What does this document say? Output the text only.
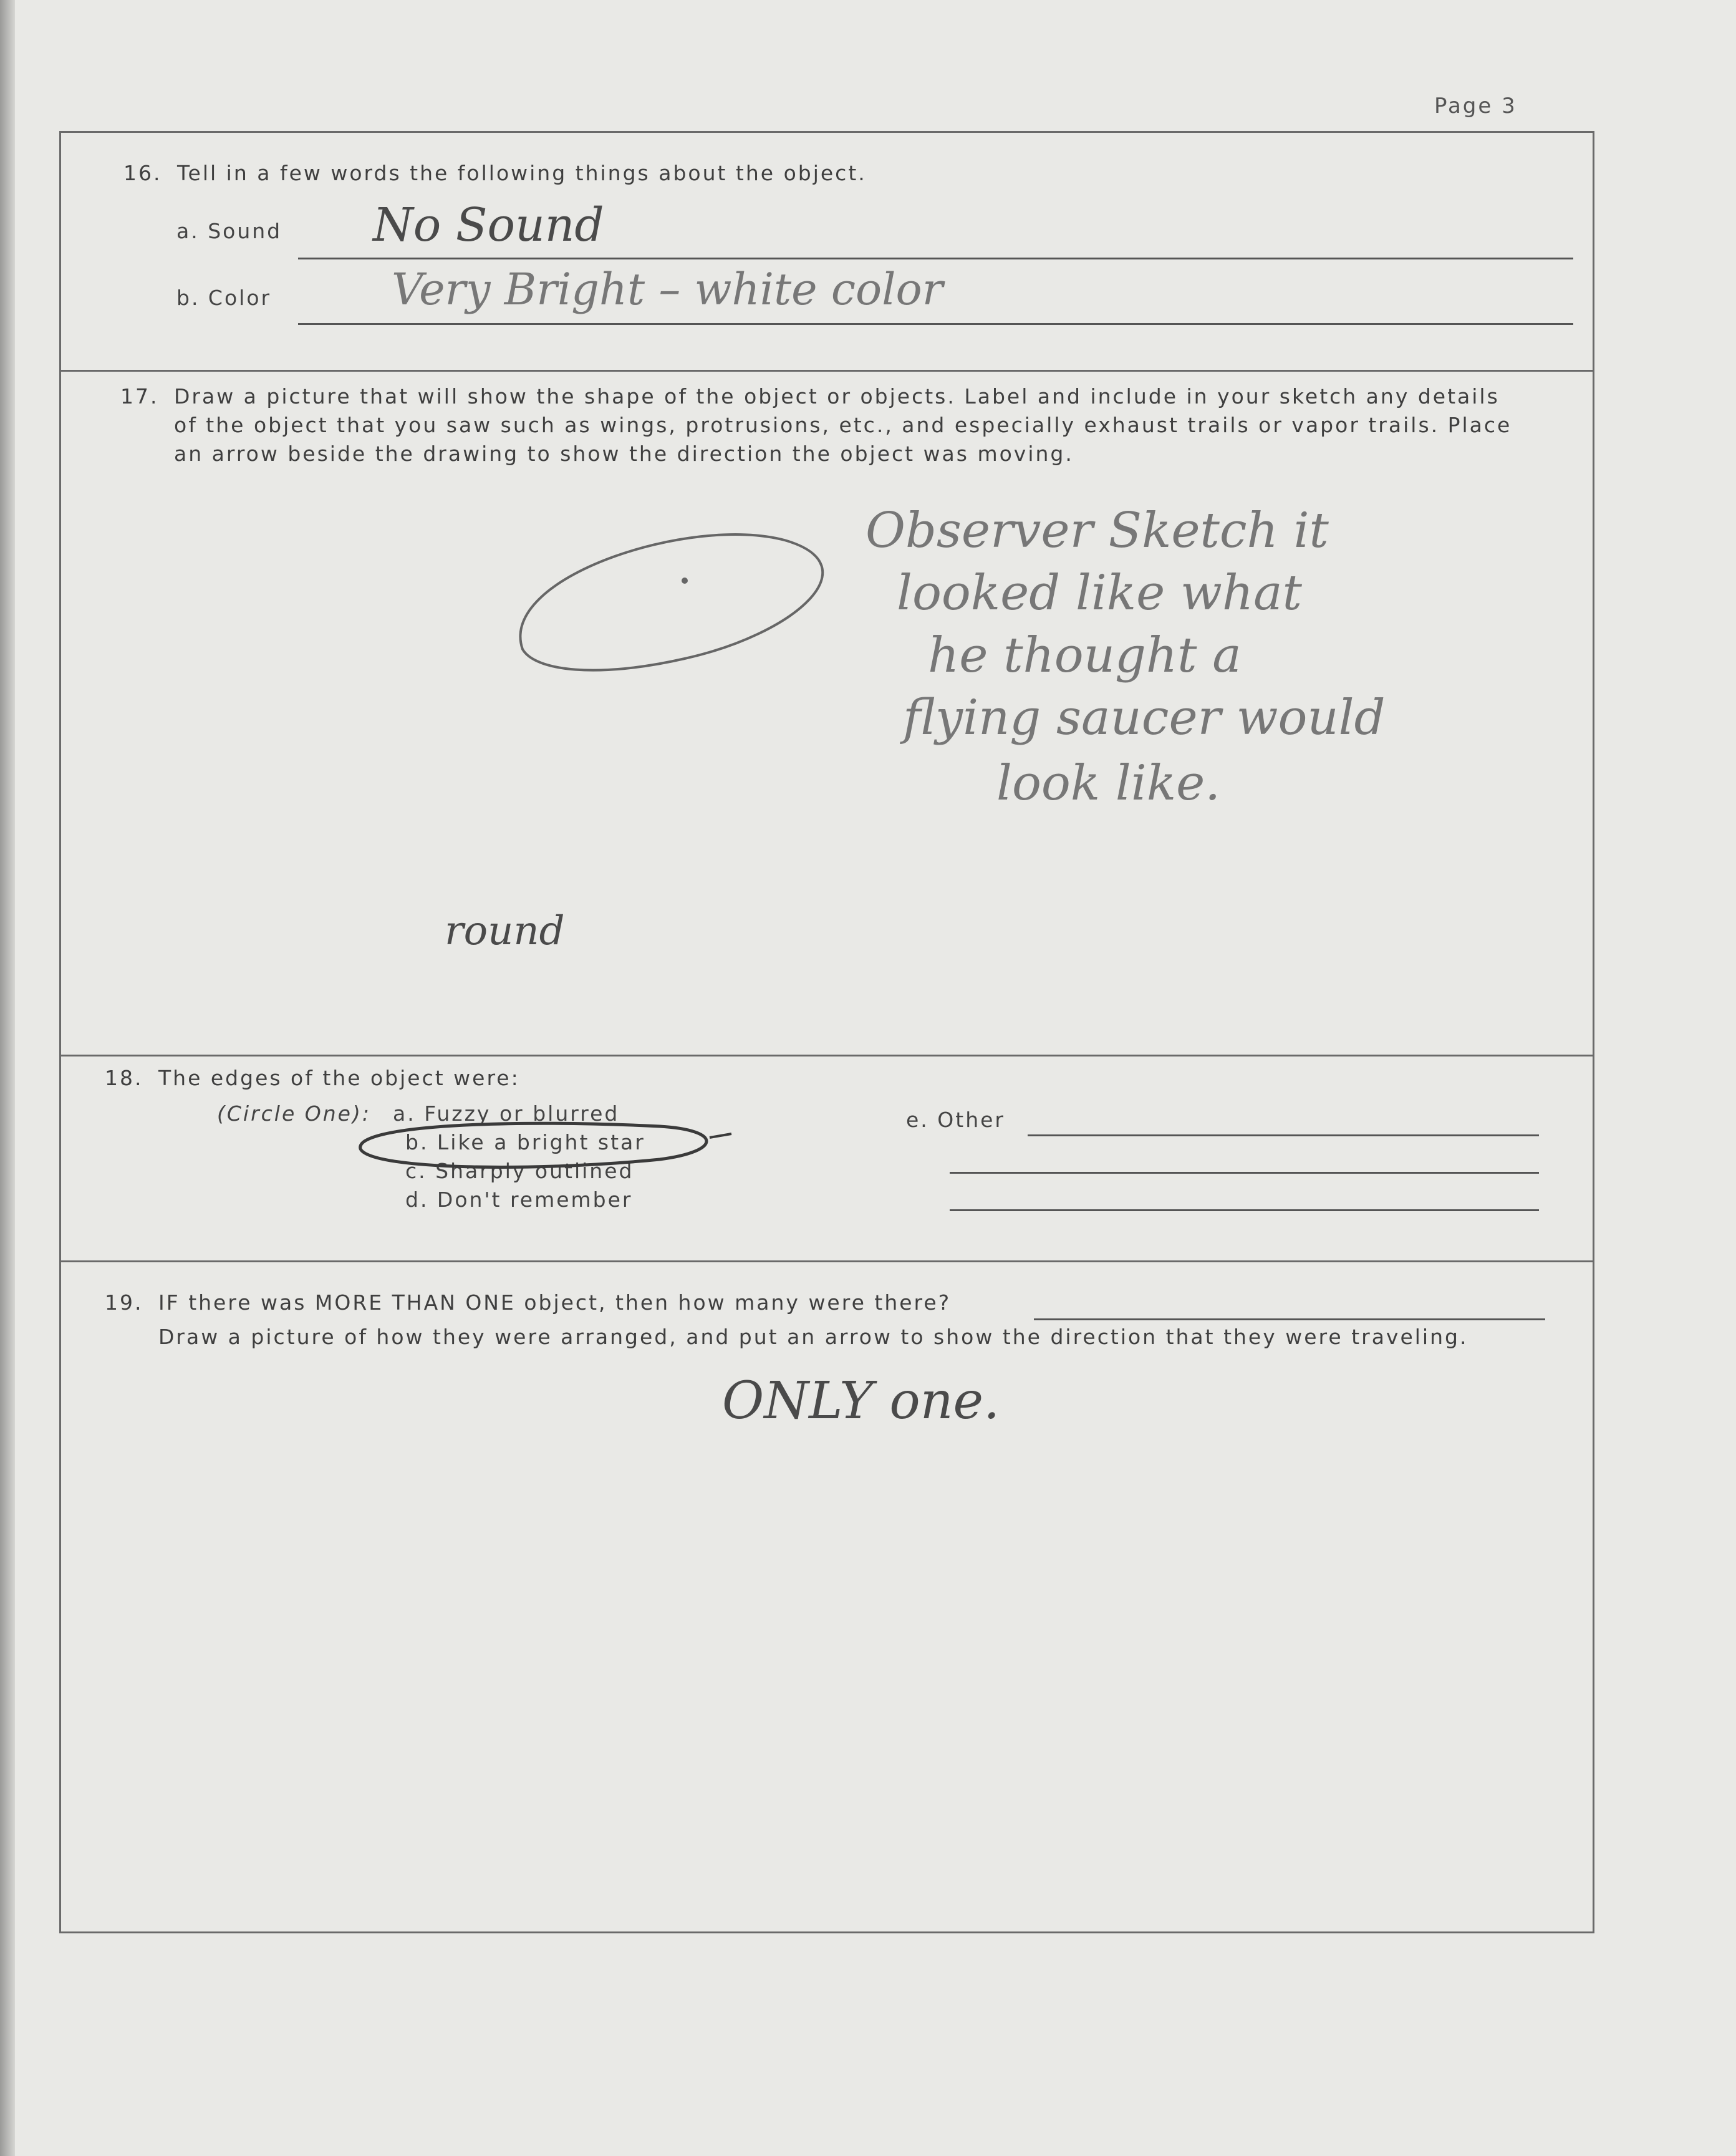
Page 3
16. Tell in a few words the following things about the object.
a. Sound No Sound
b. Color	Very Bright – white color
17. Draw a picture that will show the shape of the object or objects. Label and include in your sketch any details
of the object that you saw such as wings, protrusions, etc., and especially exhaust trails or vapor trails. Place
an arrow beside the drawing to show the direction the object was moving.
round
Observer Sketch it
looked like what
he thought a
flying saucer would
look like.
18. The edges of the object were:
(Circle One): a. Fuzzy or blurred
b. Like a bright star
c. Sharply outlined
d. Don't remember
e. Other
19. IF there was MORE THAN ONE object, then how many were there?
Draw a picture of how they were arranged, and put an arrow to show the direction that they were traveling.
ONLY one.
